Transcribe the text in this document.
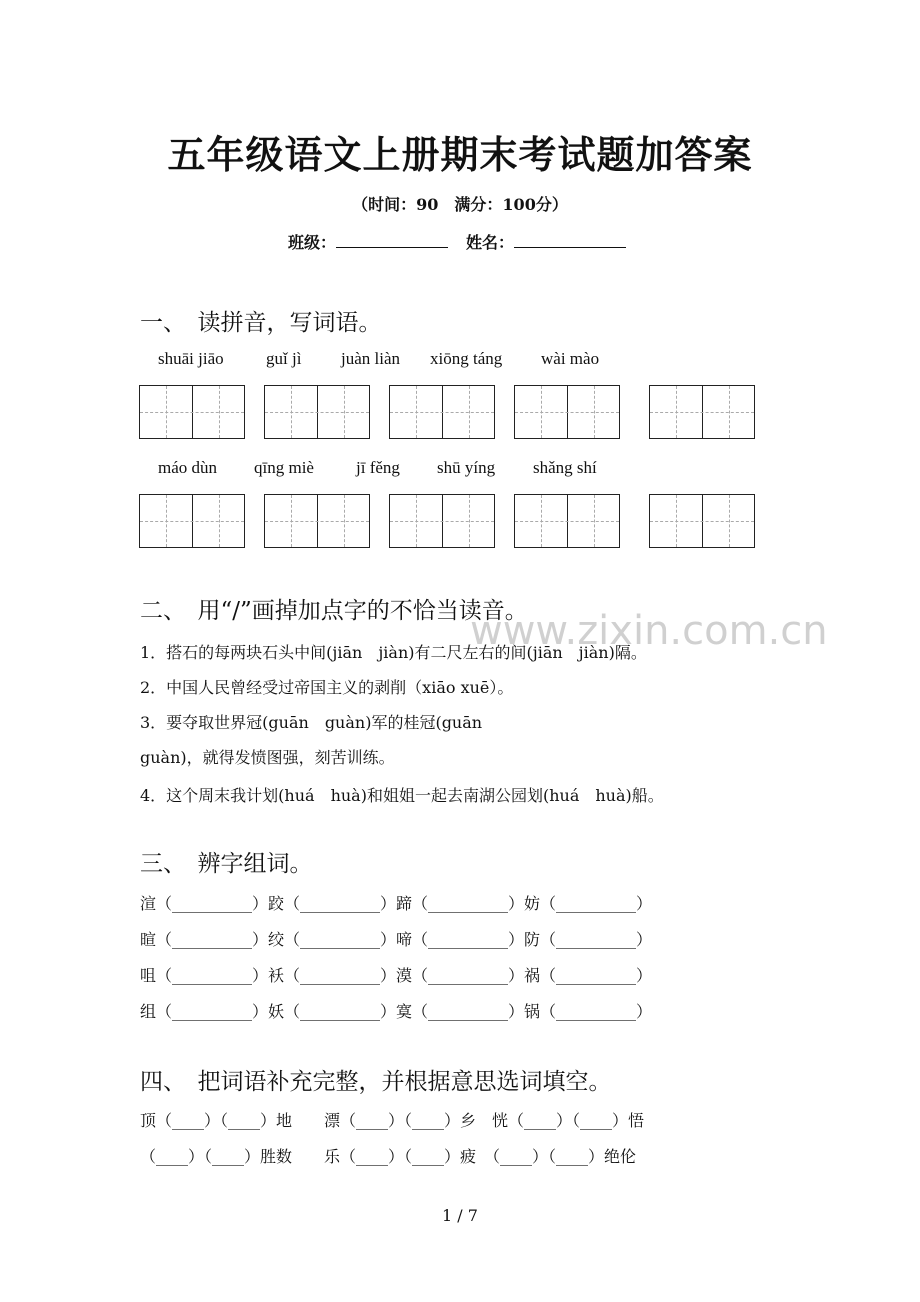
五年级语文上册期末考试题加答案
（时间：90　满分：100分）
班级：	姓名：
www.zixin.com.cn
一、　读拼音，写词语。
shuāi jiāo guǐ jì juàn liàn xiōng táng wài mào
máo dùn qīng miè jī fěng shū yíng shǎng shí
二、　用“/”画掉加点字的不恰当读音。
1．搭石的每两块石头中间(jiān　jiàn)有二尺左右的间(jiān　jiàn)隔。
2．中国人民曾经受过帝国主义的剥削（xiāo xuē）。
3．要夺取世界冠(guān　guàn)军的桂冠(guān
guàn)，就得发愤图强，刻苦训练。
4．这个周末我计划(huá　huà)和姐姐一起去南湖公园划(huá　huà)船。
三、　辨字组词。
渲（__________）跤（__________）蹄（__________）妨（__________）
暄（__________）绞（__________）啼（__________）防（__________）
咀（__________）袄（__________）漠（__________）祸（__________）
组（__________）妖（__________）寞（__________）锅（__________）
四、　把词语补充完整，并根据意思选词填空。
顶（____）（____）地　　漂（____）（____）乡　恍（____）（____）悟
（____）（____）胜数　　乐（____）（____）疲　（____）（____）绝伦
1 / 7
